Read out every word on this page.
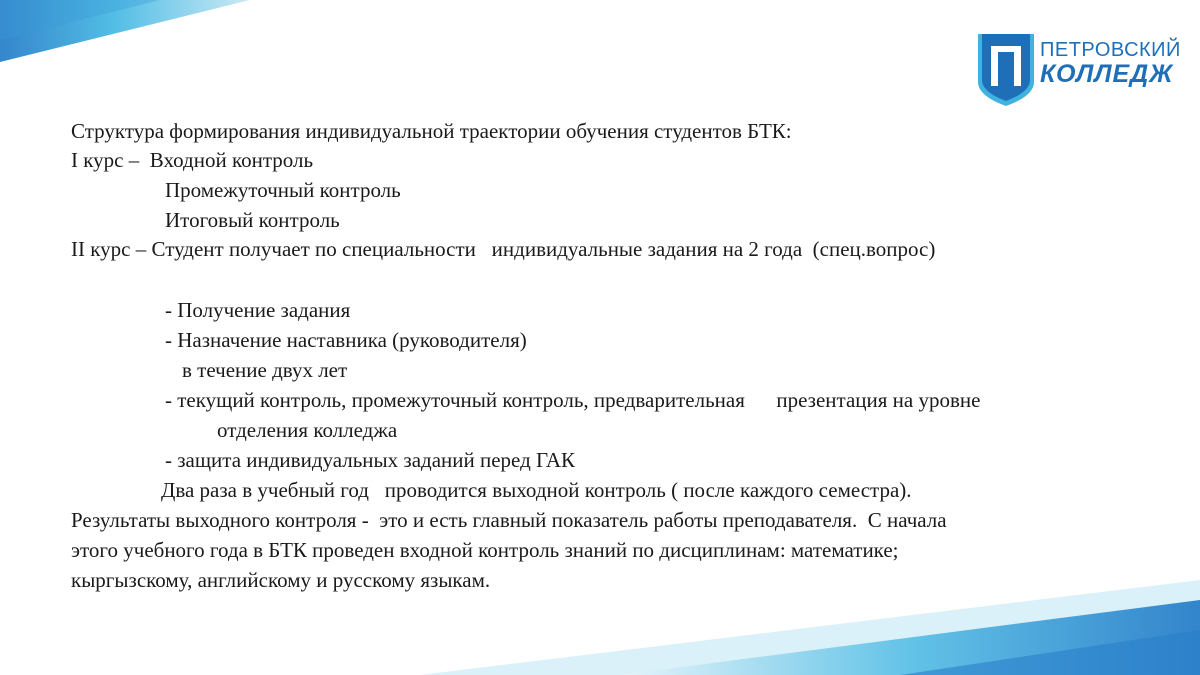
ПЕТРОВСКИЙ
КОЛЛЕДЖ
Структура формирования индивидуальной траектории обучения студентов БТК:
I курс –  Входной контроль
Промежуточный контроль
Итоговый контроль
II курс – Студент получает по специальности   индивидуальные задания на 2 года  (спец.вопрос)
- Получение задания
- Назначение наставника (руководителя)
в течение двух лет
- текущий контроль, промежуточный контроль, предварительная      презентация на уровне
отделения колледжа
- защита индивидуальных заданий перед ГАК
Два раза в учебный год   проводится выходной контроль ( после каждого семестра).
Результаты выходного контроля -  это и есть главный показатель работы преподавателя.  С начала
этого учебного года в БТК проведен входной контроль знаний по дисциплинам: математике;
кыргызскому, английскому и русскому языкам.
